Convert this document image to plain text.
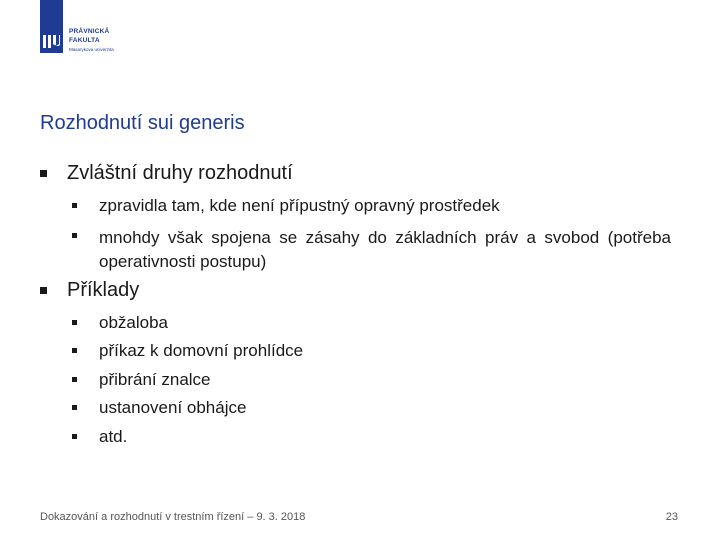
PRÁVNICKÁ
FAKULTA
Masarykova univerzita
Rozhodnutí sui generis
Zvláštní druhy rozhodnutí
zpravidla tam, kde není přípustný opravný prostředek
mnohdy však spojena se zásahy do základních práv a svobod (potřeba operativnosti postupu)
Příklady
obžaloba
příkaz k domovní prohlídce
přibrání znalce
ustanovení obhájce
atd.
Dokazování a rozhodnutí v trestním řízení – 9. 3. 2018	23
